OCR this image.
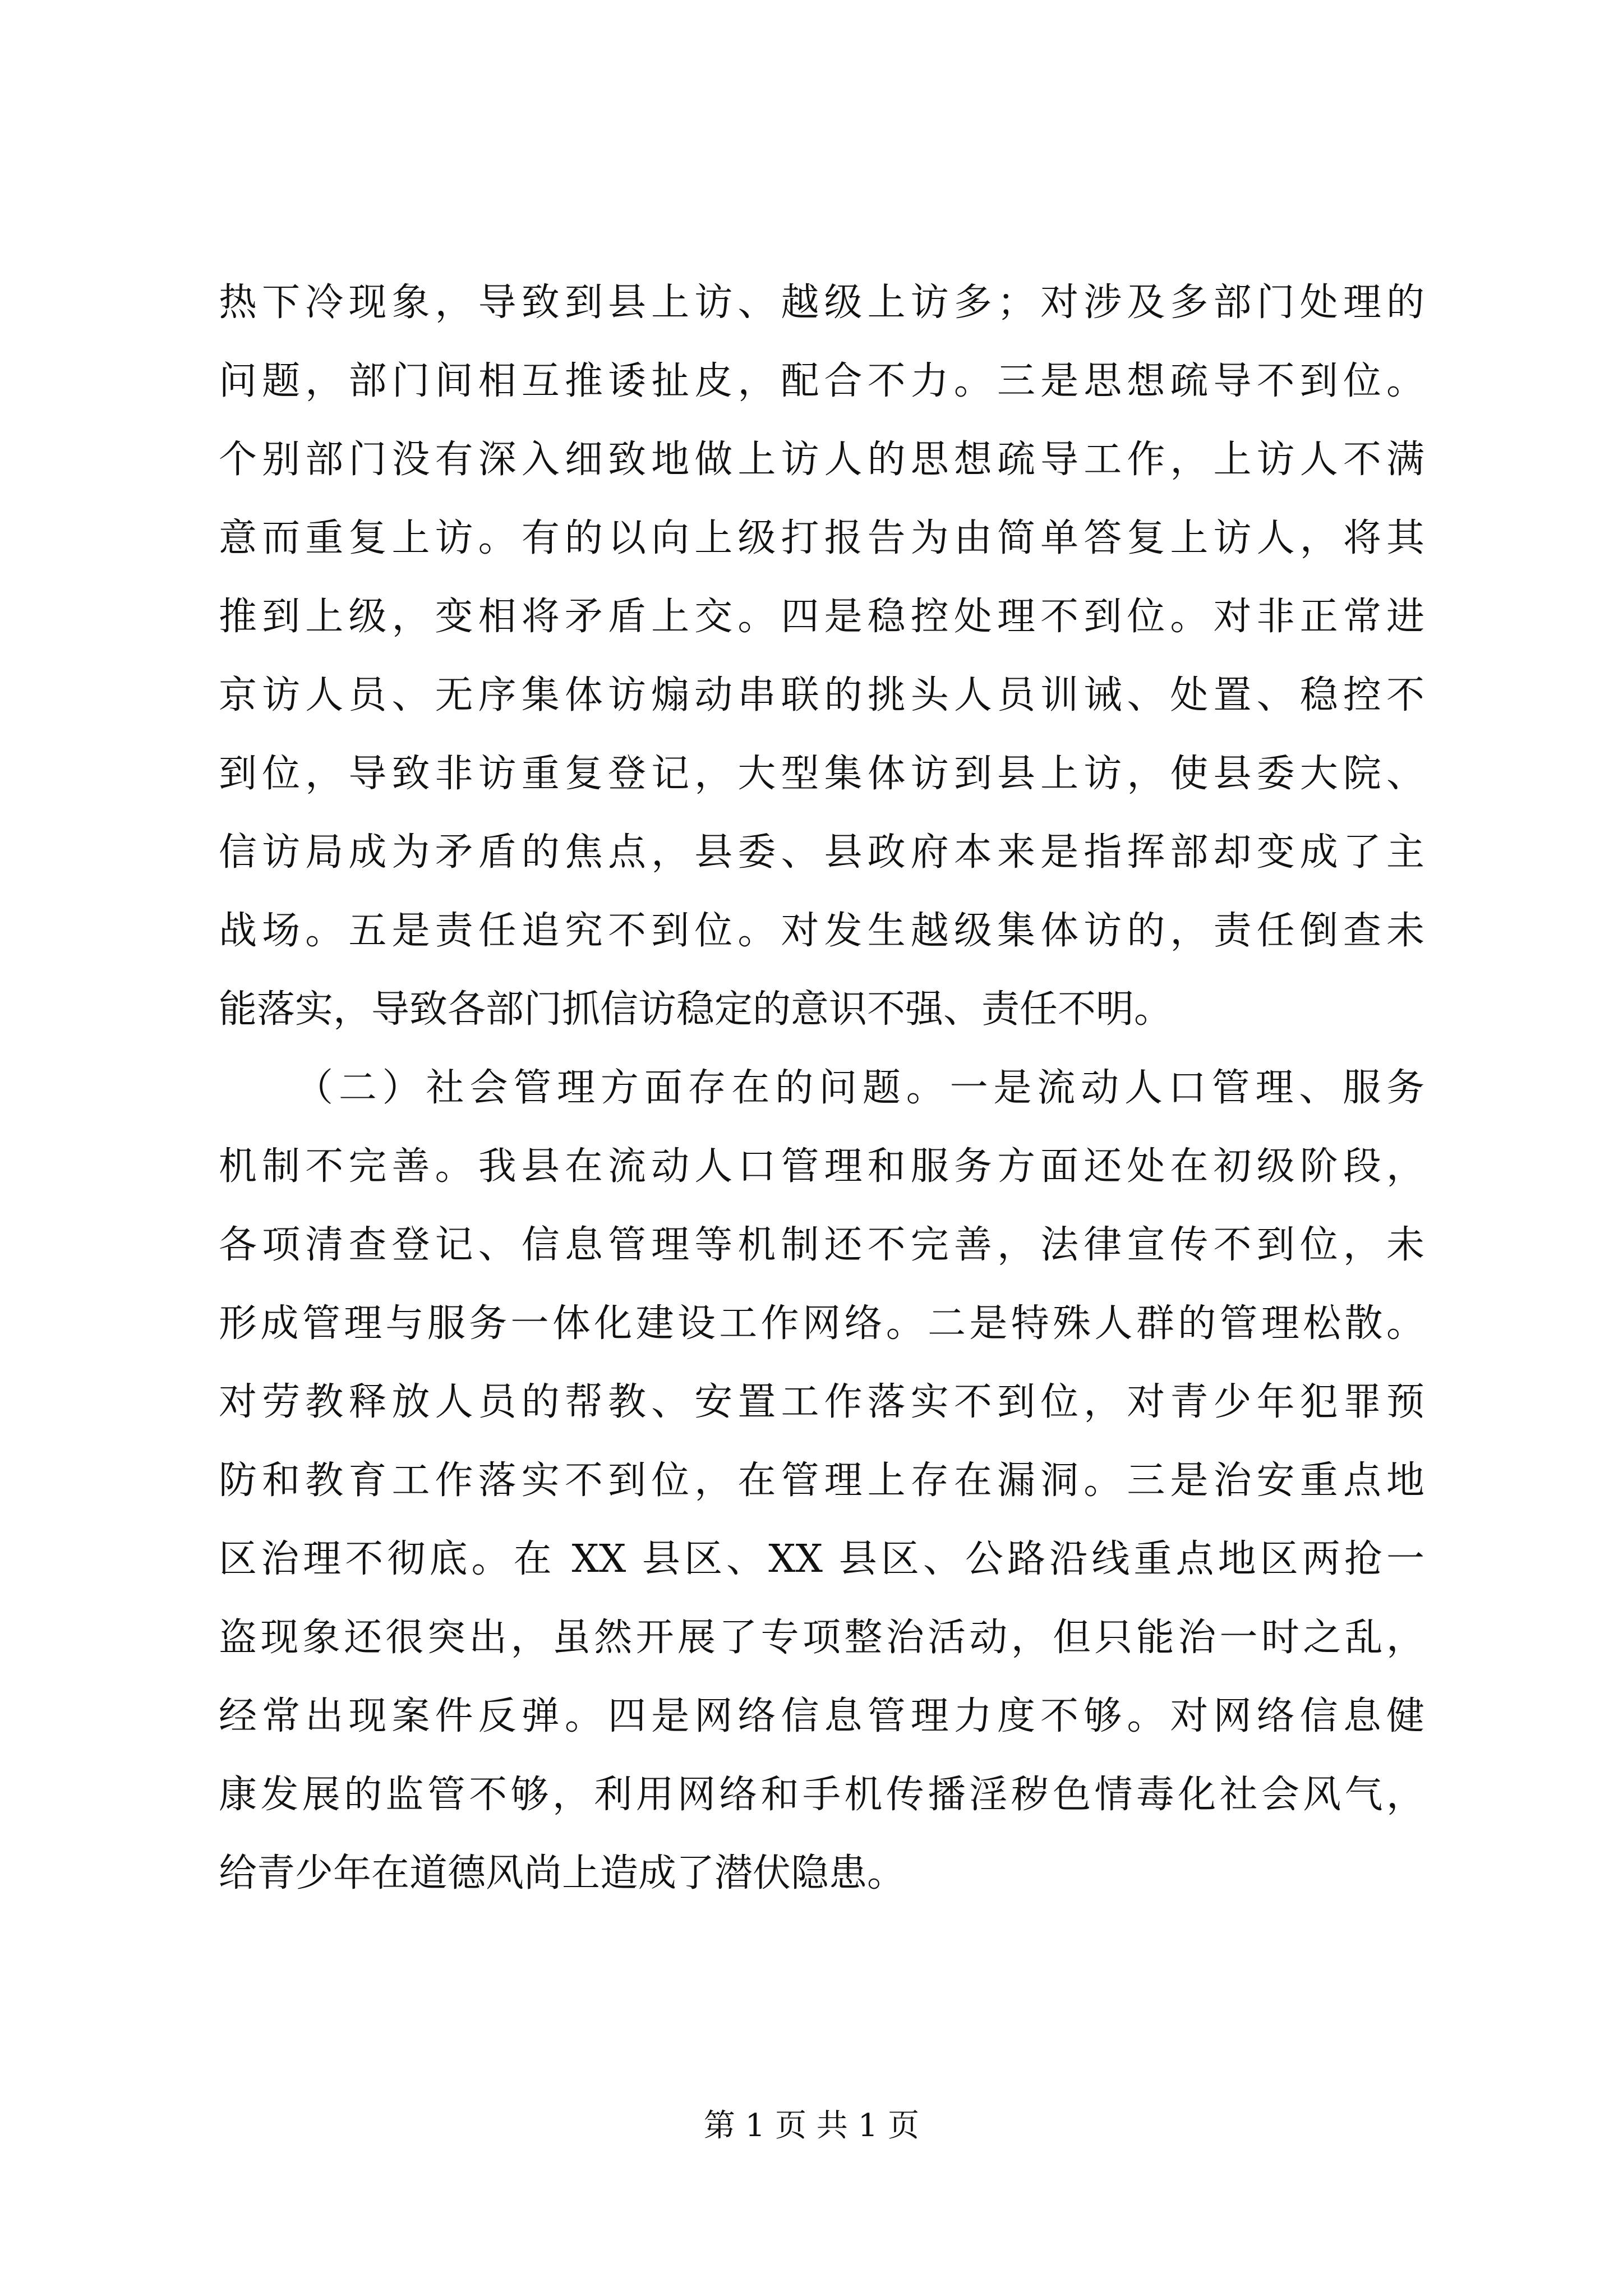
热下冷现象，导致到县上访、越级上访多；对涉及多部门处理的
问题，部门间相互推诿扯皮，配合不力。三是思想疏导不到位。
个别部门没有深入细致地做上访人的思想疏导工作，上访人不满
意而重复上访。有的以向上级打报告为由简单答复上访人，将其
推到上级，变相将矛盾上交。四是稳控处理不到位。对非正常进
京访人员、无序集体访煽动串联的挑头人员训诫、处置、稳控不
到位，导致非访重复登记，大型集体访到县上访，使县委大院、
信访局成为矛盾的焦点，县委、县政府本来是指挥部却变成了主
战场。五是责任追究不到位。对发生越级集体访的，责任倒查未
能落实，导致各部门抓信访稳定的意识不强、责任不明。
（二）社会管理方面存在的问题。一是流动人口管理、服务
机制不完善。我县在流动人口管理和服务方面还处在初级阶段，
各项清查登记、信息管理等机制还不完善，法律宣传不到位，未
形成管理与服务一体化建设工作网络。二是特殊人群的管理松散。
对劳教释放人员的帮教、安置工作落实不到位，对青少年犯罪预
防和教育工作落实不到位，在管理上存在漏洞。三是治安重点地
区治理不彻底。在 XX 县区、XX 县区、公路沿线重点地区两抢一
盗现象还很突出，虽然开展了专项整治活动，但只能治一时之乱，
经常出现案件反弹。四是网络信息管理力度不够。对网络信息健
康发展的监管不够，利用网络和手机传播淫秽色情毒化社会风气，
给青少年在道德风尚上造成了潜伏隐患。
第 1 页 共 1 页
